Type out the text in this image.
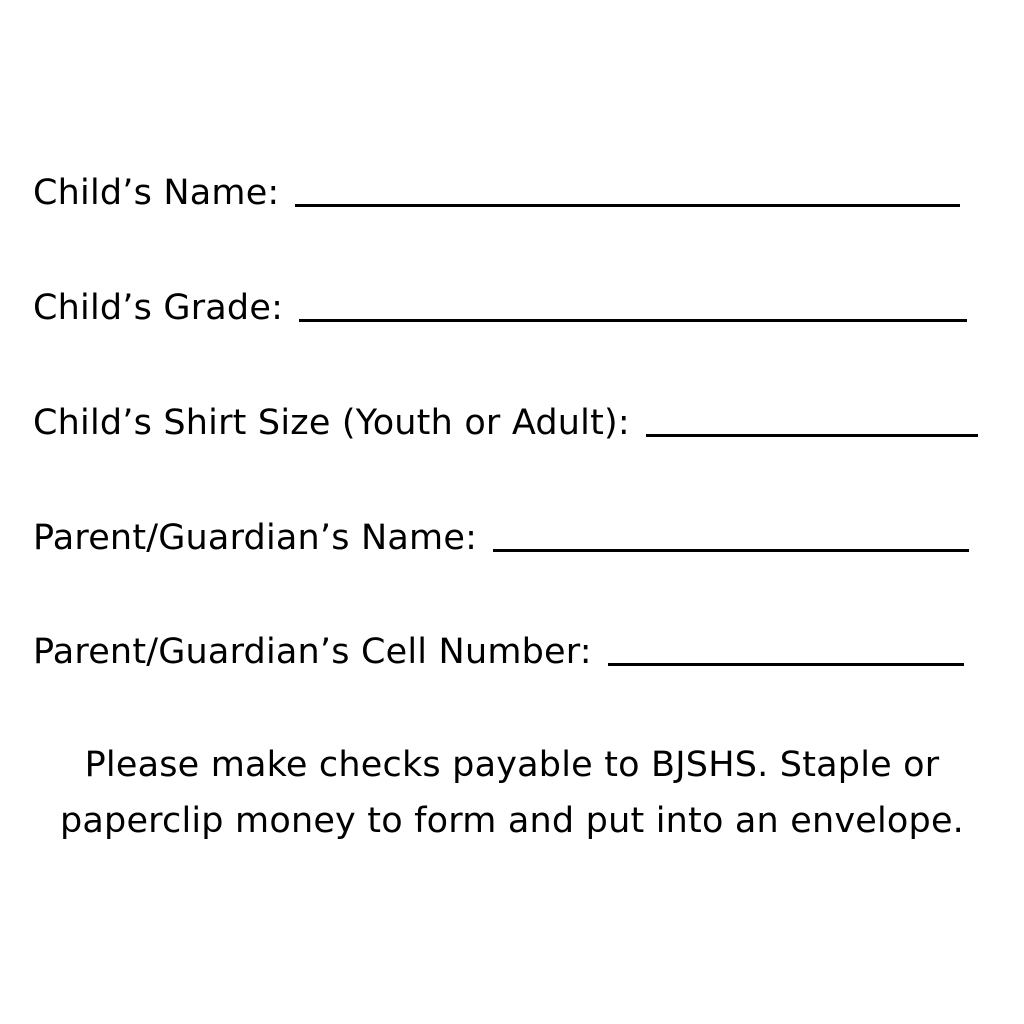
Child’s Name:
Child’s Grade:
Child’s Shirt Size (Youth or Adult):
Parent/Guardian’s Name:
Parent/Guardian’s Cell Number:
Please make checks payable to BJSHS. Staple or
paperclip money to form and put into an envelope.
